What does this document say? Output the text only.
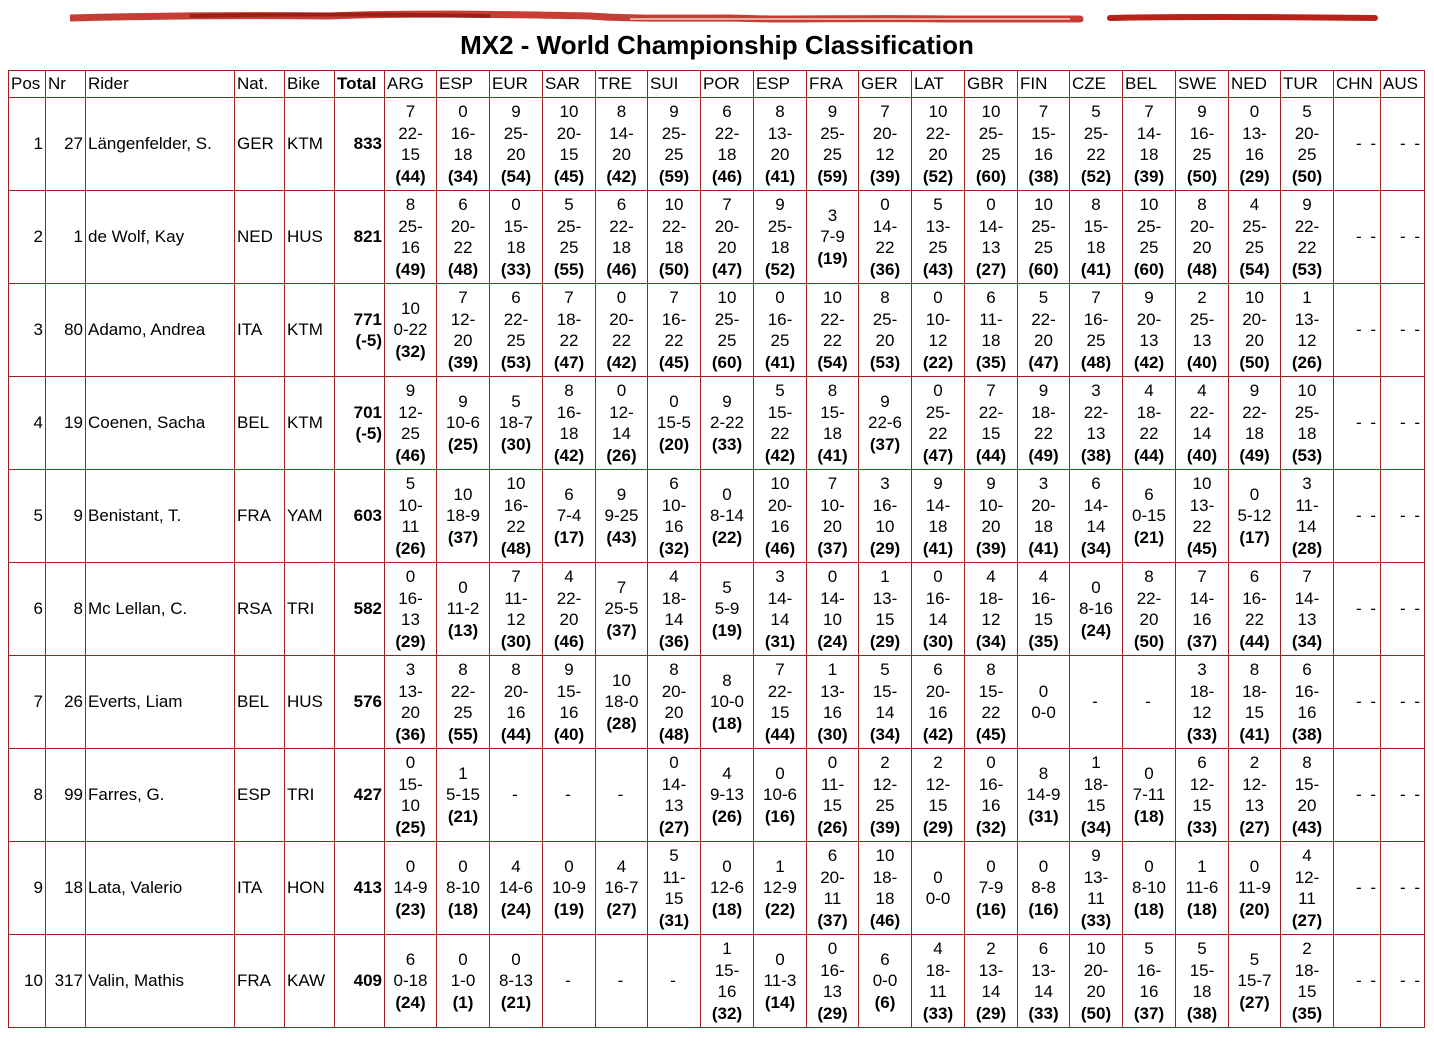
MX2 - World Championship Classification
Pos	Nr	Rider	Nat.	Bike	Total	ARG	ESP	EUR	SAR	TRE	SUI	POR	ESP	FRA	GER	LAT	GBR	FIN	CZE	BEL	SWE	NED	TUR	CHN	AUS
1	27	Längenfelder, S.	GER	KTM	833	7
22-
15
(44)	0
16-
18
(34)	9
25-
20
(54)	10
20-
15
(45)	8
14-
20
(42)	9
25-
25
(59)	6
22-
18
(46)	8
13-
20
(41)	9
25-
25
(59)	7
20-
12
(39)	10
22-
20
(52)	10
25-
25
(60)	7
15-
16
(38)	5
25-
22
(52)	7
14-
18
(39)	9
16-
25
(50)	0
13-
16
(29)	5
20-
25
(50)	- -	- -

2	1	de Wolf, Kay	NED	HUS	821	8
25-
16
(49)	6
20-
22
(48)	0
15-
18
(33)	5
25-
25
(55)	6
22-
18
(46)	10
22-
18
(50)	7
20-
20
(47)	9
25-
18
(52)	3
7-9
(19)	0
14-
22
(36)	5
13-
25
(43)	0
14-
13
(27)	10
25-
25
(60)	8
15-
18
(41)	10
25-
25
(60)	8
20-
20
(48)	4
25-
25
(54)	9
22-
22
(53)	- -	- -

3	80	Adamo, Andrea	ITA	KTM	771
(-5)	10
0-22
(32)	7
12-
20
(39)	6
22-
25
(53)	7
18-
22
(47)	0
20-
22
(42)	7
16-
22
(45)	10
25-
25
(60)	0
16-
25
(41)	10
22-
22
(54)	8
25-
20
(53)	0
10-
12
(22)	6
11-
18
(35)	5
22-
20
(47)	7
16-
25
(48)	9
20-
13
(42)	2
25-
13
(40)	10
20-
20
(50)	1
13-
12
(26)	- -	- -

4	19	Coenen, Sacha	BEL	KTM	701
(-5)	9
12-
25
(46)	9
10-6
(25)	5
18-7
(30)	8
16-
18
(42)	0
12-
14
(26)	0
15-5
(20)	9
2-22
(33)	5
15-
22
(42)	8
15-
18
(41)	9
22-6
(37)	0
25-
22
(47)	7
22-
15
(44)	9
18-
22
(49)	3
22-
13
(38)	4
18-
22
(44)	4
22-
14
(40)	9
22-
18
(49)	10
25-
18
(53)	- -	- -

5	9	Benistant, T.	FRA	YAM	603	5
10-
11
(26)	10
18-9
(37)	10
16-
22
(48)	6
7-4
(17)	9
9-25
(43)	6
10-
16
(32)	0
8-14
(22)	10
20-
16
(46)	7
10-
20
(37)	3
16-
10
(29)	9
14-
18
(41)	9
10-
20
(39)	3
20-
18
(41)	6
14-
14
(34)	6
0-15
(21)	10
13-
22
(45)	0
5-12
(17)	3
11-
14
(28)	- -	- -

6	8	Mc Lellan, C.	RSA	TRI	582	0
16-
13
(29)	0
11-2
(13)	7
11-
12
(30)	4
22-
20
(46)	7
25-5
(37)	4
18-
14
(36)	5
5-9
(19)	3
14-
14
(31)	0
14-
10
(24)	1
13-
15
(29)	0
16-
14
(30)	4
18-
12
(34)	4
16-
15
(35)	0
8-16
(24)	8
22-
20
(50)	7
14-
16
(37)	6
16-
22
(44)	7
14-
13
(34)	- -	- -

7	26	Everts, Liam	BEL	HUS	576	3
13-
20
(36)	8
22-
25
(55)	8
20-
16
(44)	9
15-
16
(40)	10
18-0
(28)	8
20-
20
(48)	8
10-0
(18)	7
22-
15
(44)	1
13-
16
(30)	5
15-
14
(34)	6
20-
16
(42)	8
15-
22
(45)	0
0-0	-	-	3
18-
12
(33)	8
18-
15
(41)	6
16-
16
(38)	- -	- -

8	99	Farres, G.	ESP	TRI	427	0
15-
10
(25)	1
5-15
(21)	-	-	-	0
14-
13
(27)	4
9-13
(26)	0
10-6
(16)	0
11-
15
(26)	2
12-
25
(39)	2
12-
15
(29)	0
16-
16
(32)	8
14-9
(31)	1
18-
15
(34)	0
7-11
(18)	6
12-
15
(33)	2
12-
13
(27)	8
15-
20
(43)	- -	- -

9	18	Lata, Valerio	ITA	HON	413	0
14-9
(23)	0
8-10
(18)	4
14-6
(24)	0
10-9
(19)	4
16-7
(27)	5
11-
15
(31)	0
12-6
(18)	1
12-9
(22)	6
20-
11
(37)	10
18-
18
(46)	0
0-0	0
7-9
(16)	0
8-8
(16)	9
13-
11
(33)	0
8-10
(18)	1
11-6
(18)	0
11-9
(20)	4
12-
11
(27)	- -	- -

10	317	Valin, Mathis	FRA	KAW	409	6
0-18
(24)	0
1-0
(1)	0
8-13
(21)	-	-	-	1
15-
16
(32)	0
11-3
(14)	0
16-
13
(29)	6
0-0
(6)	4
18-
11
(33)	2
13-
14
(29)	6
13-
14
(33)	10
20-
20
(50)	5
16-
16
(37)	5
15-
18
(38)	5
15-7
(27)	2
18-
15
(35)	- -	- -
